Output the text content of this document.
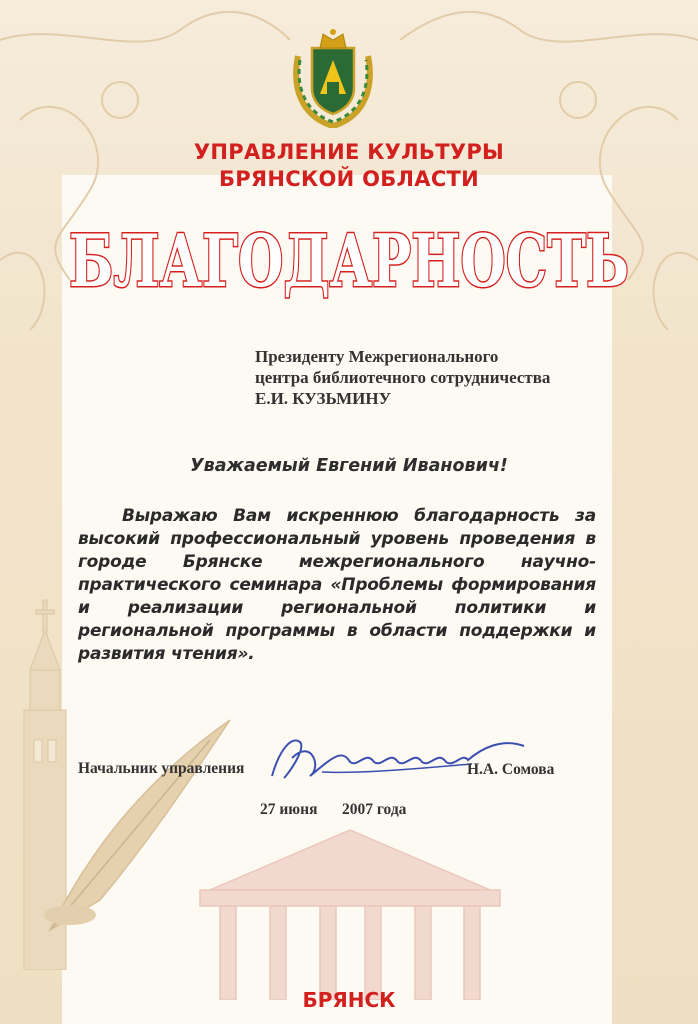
УПРАВЛЕНИЕ КУЛЬТУРЫ
БРЯНСКОЙ ОБЛАСТИ
БЛАГОДАРНОСТЬ
Президенту Межрегионального
центра библиотечного сотрудничества
Е.И. КУЗЬМИНУ
Уважаемый Евгений Иванович!
Выражаю Вам искреннюю благодарность за высокий профессиональный уровень проведения в городе Брянске межрегионального научно-практического семинара «Проблемы формирования и реализации региональной политики и региональной программы в области поддержки и развития чтения».
Начальник управления	Н.А. Сомова
27 июня 2007 года
БРЯНСК
